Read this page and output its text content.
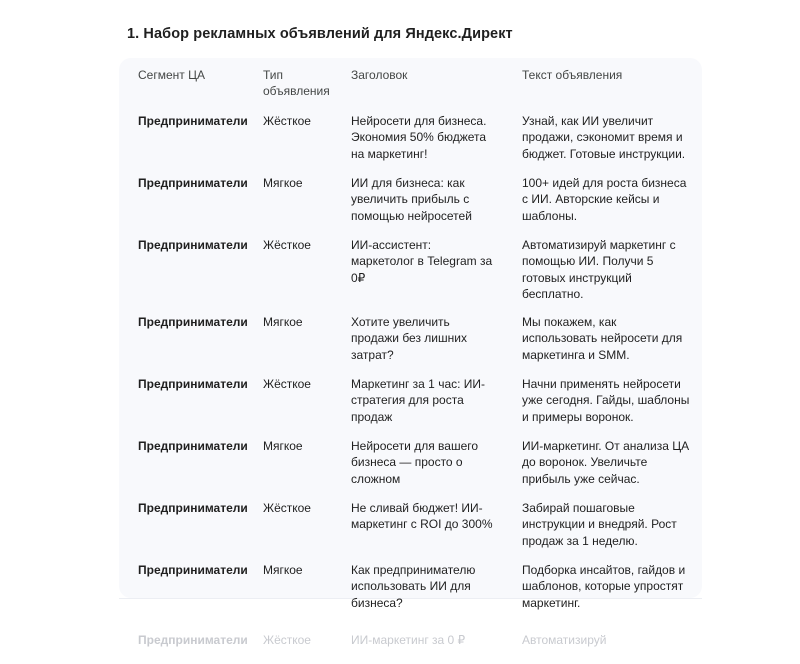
1. Набор рекламных объявлений для Яндекс.Директ
Сегмент ЦА	Тип объявления	Заголовок	Текст объявления
Предприниматели	Жёсткое	Нейросети для бизнеса. Экономия 50% бюджета на маркетинг!	Узнай, как ИИ увеличит продажи, сэкономит время и бюджет. Готовые инструкции.
Предприниматели	Мягкое	ИИ для бизнеса: как увеличить прибыль с помощью нейросетей	100+ идей для роста бизнеса с ИИ. Авторские кейсы и шаблоны.
Предприниматели	Жёсткое	ИИ-ассистент: маркетолог в Telegram за 0₽	Автоматизируй маркетинг с помощью ИИ. Получи 5 готовых инструкций бесплатно.
Предприниматели	Мягкое	Хотите увеличить продажи без лишних затрат?	Мы покажем, как использовать нейросети для маркетинга и SMM.
Предприниматели	Жёсткое	Маркетинг за 1 час: ИИ-стратегия для роста продаж	Начни применять нейросети уже сегодня. Гайды, шаблоны и примеры воронок.
Предприниматели	Мягкое	Нейросети для вашего бизнеса — просто о сложном	ИИ-маркетинг. От анализа ЦА до воронок. Увеличьте прибыль уже сейчас.
Предприниматели	Жёсткое	Не сливай бюджет! ИИ-маркетинг с ROI до 300%	Забирай пошаговые инструкции и внедряй. Рост продаж за 1 неделю.
Предприниматели	Мягкое	Как предпринимателю использовать ИИ для бизнеса?	Подборка инсайтов, гайдов и шаблонов, которые упростят маркетинг.
Предприниматели	Жёсткое	ИИ-маркетинг за 0 ₽	Автоматизируй
